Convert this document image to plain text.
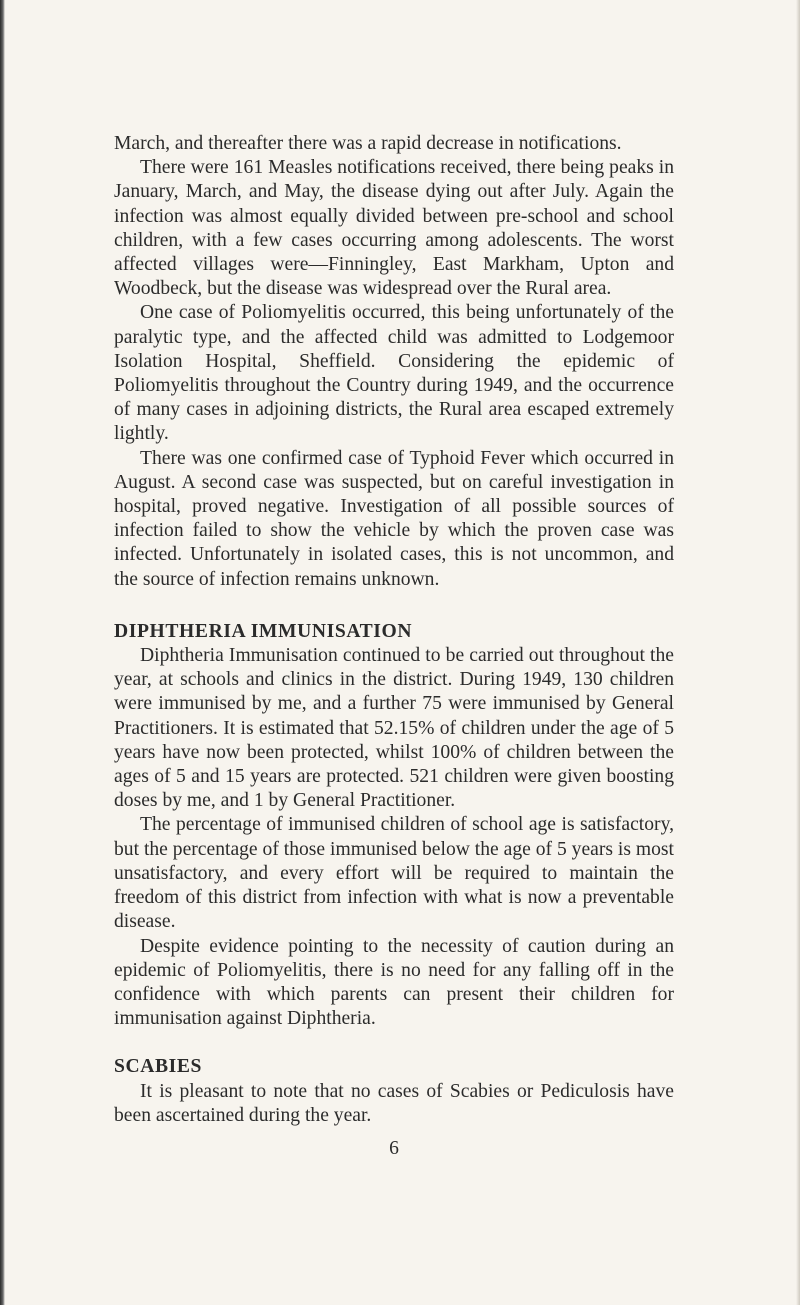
March, and thereafter there was a rapid decrease in notifications.

There were 161 Measles notifications received, there being peaks in January, March, and May, the disease dying out after July. Again the infection was almost equally divided between pre-school and school children, with a few cases occurring among adolescents. The worst affected villages were—Finningley, East Markham, Upton and Woodbeck, but the disease was widespread over the Rural area.

One case of Poliomyelitis occurred, this being unfortunately of the paralytic type, and the affected child was admitted to Lodgemoor Isolation Hospital, Sheffield. Considering the epidemic of Poliomyelitis throughout the Country during 1949, and the occurrence of many cases in adjoining districts, the Rural area escaped extremely lightly.

There was one confirmed case of Typhoid Fever which occurred in August. A second case was suspected, but on careful investigation in hospital, proved negative. Investigation of all possible sources of infection failed to show the vehicle by which the proven case was infected. Unfortunately in isolated cases, this is not uncommon, and the source of infection remains unknown.

DIPHTHERIA IMMUNISATION

Diphtheria Immunisation continued to be carried out throughout the year, at schools and clinics in the district. During 1949, 130 children were immunised by me, and a further 75 were immunised by General Practitioners. It is estimated that 52.15% of children under the age of 5 years have now been protected, whilst 100% of children between the ages of 5 and 15 years are protected. 521 children were given boosting doses by me, and 1 by General Practitioner.

The percentage of immunised children of school age is satisfactory, but the percentage of those immunised below the age of 5 years is most unsatisfactory, and every effort will be required to maintain the freedom of this district from infection with what is now a preventable disease.

Despite evidence pointing to the necessity of caution during an epidemic of Poliomyelitis, there is no need for any falling off in the confidence with which parents can present their children for immunisation against Diphtheria.

SCABIES

It is pleasant to note that no cases of Scabies or Pediculosis have been ascertained during the year.

6
